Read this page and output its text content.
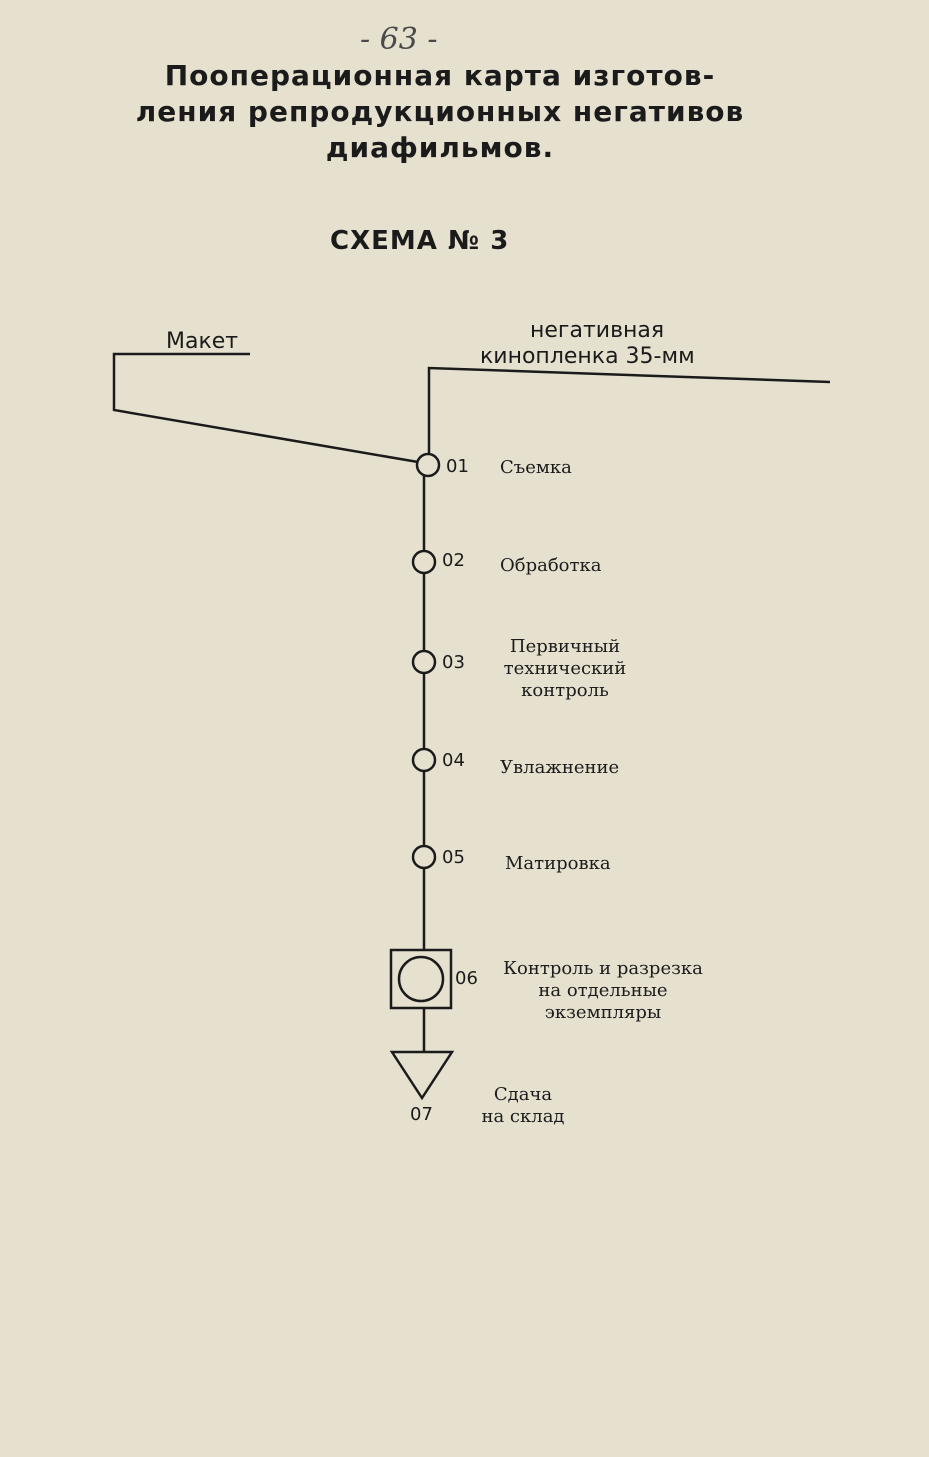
- 63 -
Пооперационная карта изготов-
ления репродукционных негативов
диафильмов.
СХЕМА № 3
Макет	негативная
кинопленка 35-мм
01
02
03
04
05
06
07
Съемка
Обработка
Первичный
технический
контроль
Увлажнение
Матировка
Контроль и разрезка
на отдельные
экземпляры
Сдача
на склад
